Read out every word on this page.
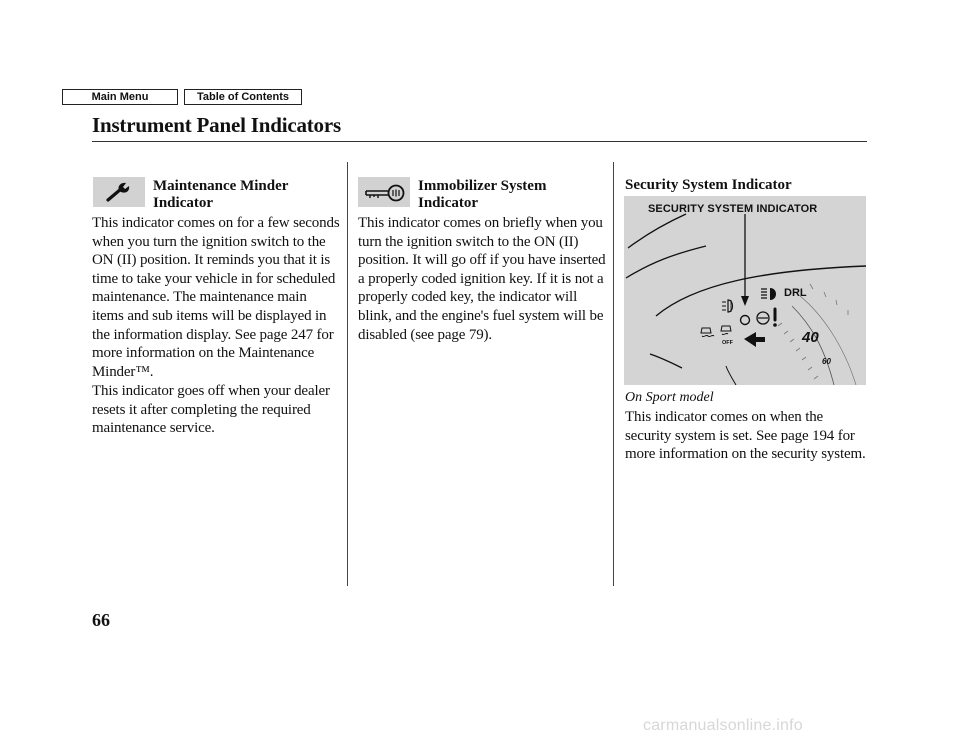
Main Menu	Table of Contents
Instrument Panel Indicators
Maintenance Minder Indicator
This indicator comes on for a few seconds when you turn the ignition switch to the ON (II) position. It reminds you that it is time to take your vehicle in for scheduled maintenance. The maintenance main items and sub items will be displayed in the information display. See page 247 for more information on the Maintenance Minder™.
This indicator goes off when your dealer resets it after completing the required maintenance service.
Immobilizer System Indicator
This indicator comes on briefly when you turn the ignition switch to the ON (II) position. It will go off if you have inserted a properly coded ignition key. If it is not a properly coded key, the indicator will blink, and the engine's fuel system will be disabled (see page 79).
Security System Indicator
SECURITY SYSTEM INDICATOR
DRL
40
60
OFF
On Sport model
This indicator comes on when the security system is set. See page 194 for more information on the security system.
66
carmanualsonline.info
